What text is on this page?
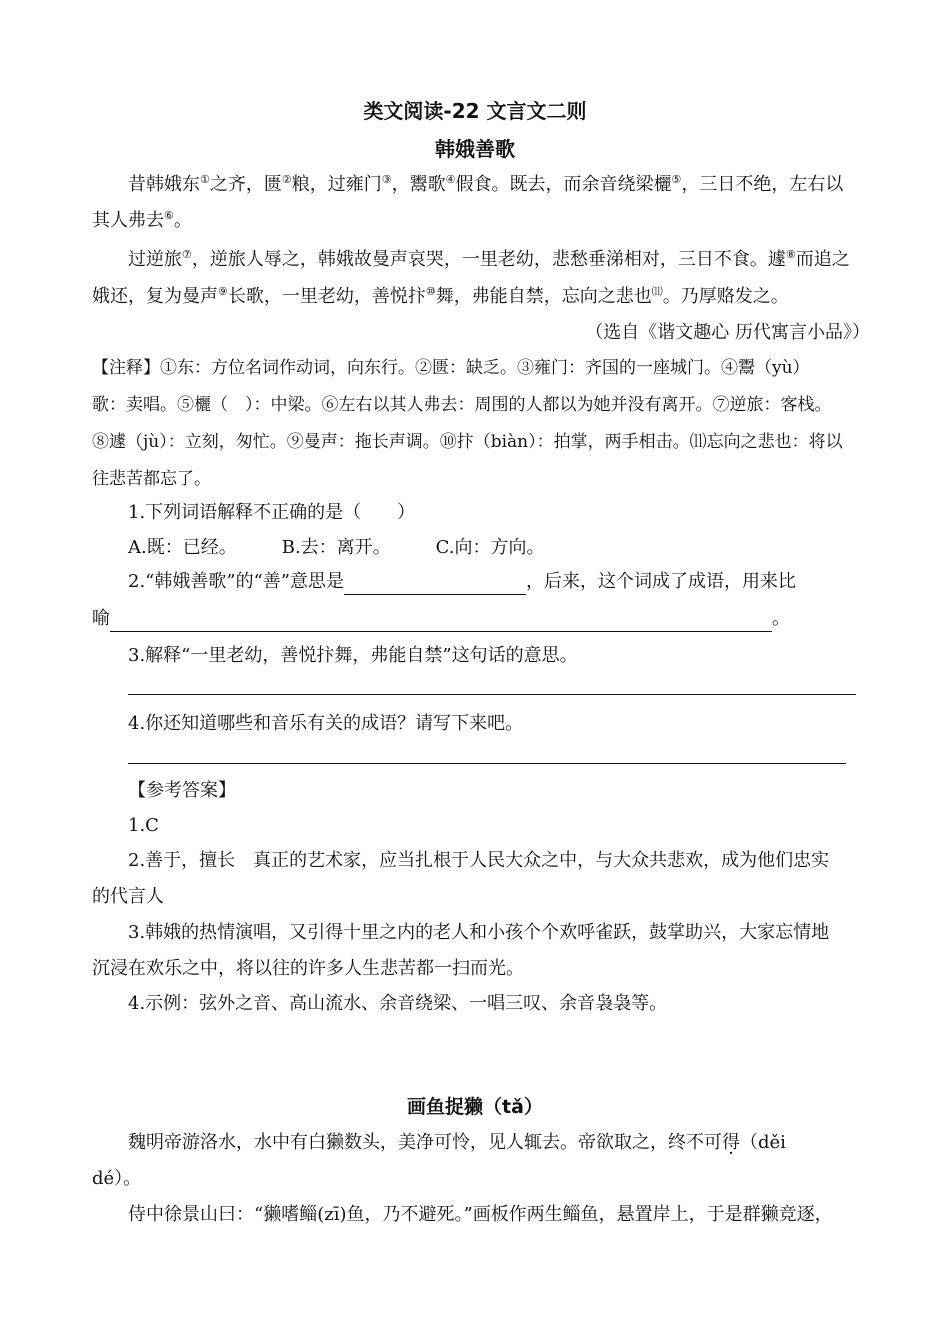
类文阅读-22 文言文二则
韩娥善歌
昔韩娥东①之齐，匮②粮，过雍门③，鬻歌④假食。既去，而余音绕梁欐⑤，三日不绝，左右以
其人弗去⑥。
过逆旅⑦，逆旅人辱之，韩娥故曼声哀哭，一里老幼，悲愁垂涕相对，三日不食。遽⑧而追之
娥还，复为曼声⑨长歌，一里老幼，善悦抃⑩舞，弗能自禁，忘向之悲也⑾。乃厚赂发之。
（选自《谐文趣心 历代寓言小品》）
【注释】①东：方位名词作动词，向东行。②匮：缺乏。③雍门：齐国的一座城门。④鬻（yù）
歌：卖唱。⑤欐（　）：中梁。⑥左右以其人弗去：周围的人都以为她并没有离开。⑦逆旅：客栈。
⑧遽（jù）：立刻，匆忙。⑨曼声：拖长声调。⑩抃（biàn）：拍掌，两手相击。⑾忘向之悲也：将以
往悲苦都忘了。
1.下列词语解释不正确的是（　　）
A.既：已经。　　　B.去：离开。　　　C.向：方向。
2.“韩娥善歌”的“善”意思是	，后来，这个词成了成语，用来比
喻	。
3.解释“一里老幼，善悦抃舞，弗能自禁”这句话的意思。
4.你还知道哪些和音乐有关的成语？请写下来吧。
【参考答案】
1.C
2.善于，擅长　真正的艺术家，应当扎根于人民大众之中，与大众共悲欢，成为他们忠实
的代言人
3.韩娥的热情演唱，又引得十里之内的老人和小孩个个欢呼雀跃，鼓掌助兴，大家忘情地
沉浸在欢乐之中，将以往的许多人生悲苦都一扫而光。
4.示例：弦外之音、高山流水、余音绕梁、一唱三叹、余音袅袅等。
画鱼捉獭（tǎ）
魏明帝游洛水，水中有白獭数头，美净可怜，见人辄去。帝欲取之，终不可得（děi
dé）。
侍中徐景山曰：“獭嗜鲻(zī)鱼，乃不避死。”画板作两生鲻鱼，悬置岸上，于是群獭竞逐，
